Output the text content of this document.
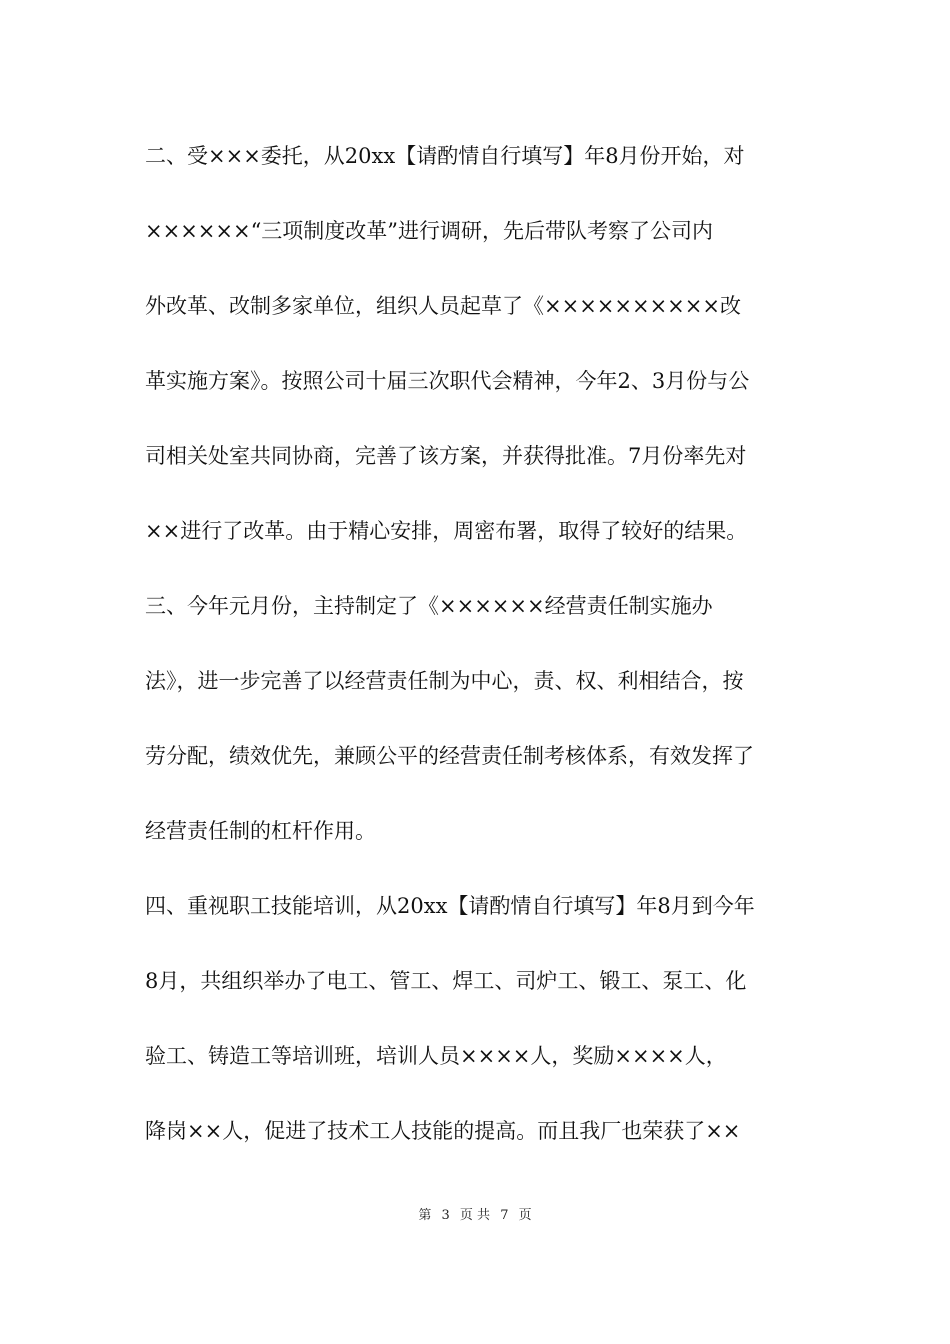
二、受×××委托，从20xx【请酌情自行填写】年8月份开始，对
××××××“三项制度改革”进行调研，先后带队考察了公司内
外改革、改制多家单位，组织人员起草了《××××××××××改
革实施方案》。按照公司十届三次职代会精神，今年2、3月份与公
司相关处室共同协商，完善了该方案，并获得批准。7月份率先对
××进行了改革。由于精心安排，周密布署，取得了较好的结果。
三、今年元月份，主持制定了《××××××经营责任制实施办
法》，进一步完善了以经营责任制为中心，责、权、利相结合，按
劳分配，绩效优先，兼顾公平的经营责任制考核体系，有效发挥了
经营责任制的杠杆作用。
四、重视职工技能培训，从20xx【请酌情自行填写】年8月到今年
8月，共组织举办了电工、管工、焊工、司炉工、锻工、泵工、化
验工、铸造工等培训班，培训人员××××人，奖励××××人，
降岗××人，促进了技术工人技能的提高。而且我厂也荣获了××
第 3 页 共 7 页
